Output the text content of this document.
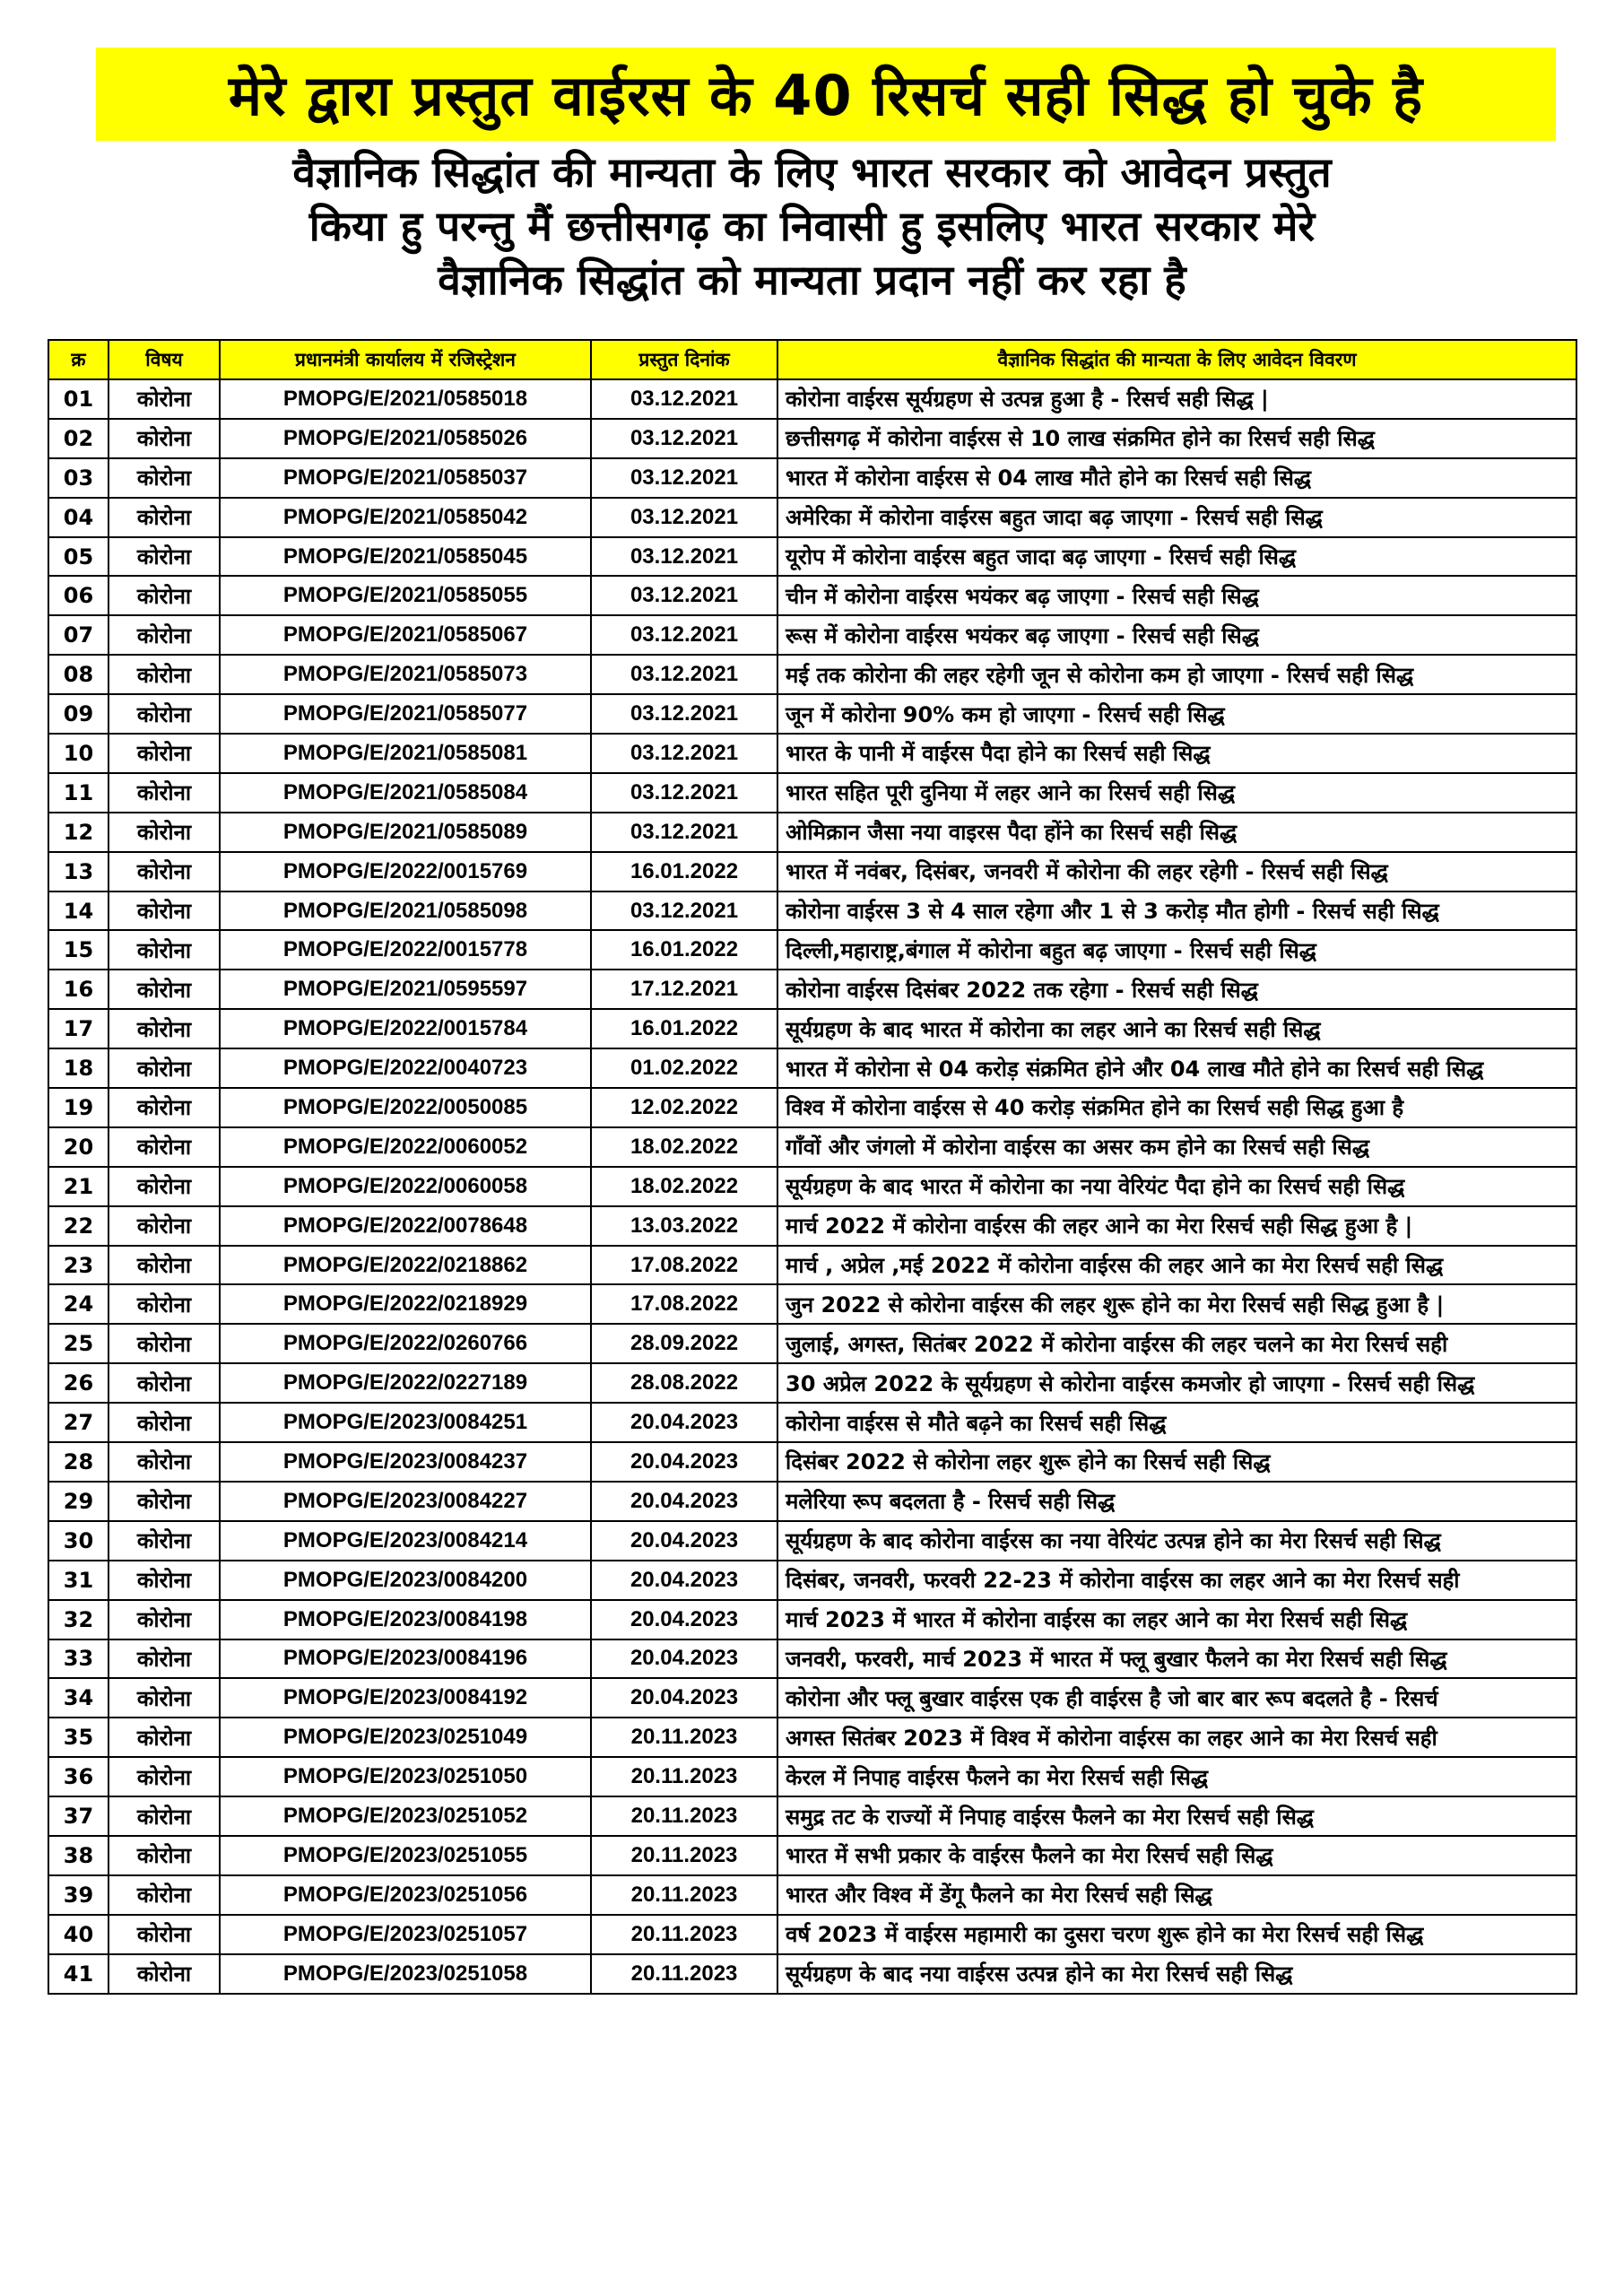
मेरे द्वारा प्रस्तुत वाईरस के 40 रिसर्च सही सिद्ध हो चुके है
वैज्ञानिक सिद्धांत की मान्यता के लिए भारत सरकार को आवेदन प्रस्तुत
किया हु परन्तु मैं छत्तीसगढ़ का निवासी हु इसलिए भारत सरकार मेरे
वैज्ञानिक सिद्धांत को मान्यता प्रदान नहीं कर रहा है
क्र	विषय	प्रधानमंत्री कार्यालय में रजिस्ट्रेशन	प्रस्तुत दिनांक	वैज्ञानिक सिद्धांत की मान्यता के लिए आवेदन विवरण
01	कोरोना	PMOPG/E/2021/0585018	03.12.2021	कोरोना वाईरस सूर्यग्रहण से उत्पन्न हुआ है - रिसर्च सही सिद्ध |
02	कोरोना	PMOPG/E/2021/0585026	03.12.2021	छत्तीसगढ़ में कोरोना वाईरस से 10 लाख संक्रमित होने का रिसर्च सही सिद्ध
03	कोरोना	PMOPG/E/2021/0585037	03.12.2021	भारत में कोरोना वाईरस से 04 लाख मौते होने का रिसर्च सही सिद्ध
04	कोरोना	PMOPG/E/2021/0585042	03.12.2021	अमेरिका में कोरोना वाईरस बहुत जादा बढ़ जाएगा - रिसर्च सही सिद्ध
05	कोरोना	PMOPG/E/2021/0585045	03.12.2021	यूरोप में कोरोना वाईरस बहुत जादा बढ़ जाएगा - रिसर्च सही सिद्ध
06	कोरोना	PMOPG/E/2021/0585055	03.12.2021	चीन में कोरोना वाईरस भयंकर बढ़ जाएगा - रिसर्च सही सिद्ध
07	कोरोना	PMOPG/E/2021/0585067	03.12.2021	रूस में कोरोना वाईरस भयंकर बढ़ जाएगा - रिसर्च सही सिद्ध
08	कोरोना	PMOPG/E/2021/0585073	03.12.2021	मई तक कोरोना की लहर रहेगी जून से कोरोना कम हो जाएगा - रिसर्च सही सिद्ध
09	कोरोना	PMOPG/E/2021/0585077	03.12.2021	जून में कोरोना 90% कम हो जाएगा - रिसर्च सही सिद्ध
10	कोरोना	PMOPG/E/2021/0585081	03.12.2021	भारत के पानी में वाईरस पैदा होने का रिसर्च सही सिद्ध
11	कोरोना	PMOPG/E/2021/0585084	03.12.2021	भारत सहित पूरी दुनिया में लहर आने का रिसर्च सही सिद्ध
12	कोरोना	PMOPG/E/2021/0585089	03.12.2021	ओमिक्रान जैसा नया वाइरस पैदा होंने का रिसर्च सही सिद्ध
13	कोरोना	PMOPG/E/2022/0015769	16.01.2022	भारत में नवंबर, दिसंबर, जनवरी में कोरोना की लहर रहेगी - रिसर्च सही सिद्ध
14	कोरोना	PMOPG/E/2021/0585098	03.12.2021	कोरोना वाईरस 3 से 4 साल रहेगा और 1 से 3 करोड़ मौत होगी - रिसर्च सही सिद्ध
15	कोरोना	PMOPG/E/2022/0015778	16.01.2022	दिल्ली,महाराष्ट्र,बंगाल में कोरोना बहुत बढ़ जाएगा - रिसर्च सही सिद्ध
16	कोरोना	PMOPG/E/2021/0595597	17.12.2021	कोरोना वाईरस दिसंबर 2022 तक रहेगा - रिसर्च सही सिद्ध
17	कोरोना	PMOPG/E/2022/0015784	16.01.2022	सूर्यग्रहण के बाद भारत में कोरोना का लहर आने का रिसर्च सही सिद्ध
18	कोरोना	PMOPG/E/2022/0040723	01.02.2022	भारत में कोरोना से 04 करोड़ संक्रमित होने और 04 लाख मौते होने का रिसर्च सही सिद्ध
19	कोरोना	PMOPG/E/2022/0050085	12.02.2022	विश्व में कोरोना वाईरस से 40 करोड़ संक्रमित होने का रिसर्च सही सिद्ध हुआ है
20	कोरोना	PMOPG/E/2022/0060052	18.02.2022	गाँवों और जंगलो में कोरोना वाईरस का असर कम होने का रिसर्च सही सिद्ध
21	कोरोना	PMOPG/E/2022/0060058	18.02.2022	सूर्यग्रहण के बाद भारत में कोरोना का नया वेरियंट पैदा होने का रिसर्च सही सिद्ध
22	कोरोना	PMOPG/E/2022/0078648	13.03.2022	मार्च 2022 में कोरोना वाईरस की लहर आने का मेरा रिसर्च सही सिद्ध हुआ है |
23	कोरोना	PMOPG/E/2022/0218862	17.08.2022	मार्च , अप्रेल ,मई 2022 में कोरोना वाईरस की लहर आने का मेरा रिसर्च सही सिद्ध
24	कोरोना	PMOPG/E/2022/0218929	17.08.2022	जुन 2022 से कोरोना वाईरस की लहर शुरू होने का मेरा रिसर्च सही सिद्ध हुआ है |
25	कोरोना	PMOPG/E/2022/0260766	28.09.2022	जुलाई, अगस्त, सितंबर 2022 में कोरोना वाईरस की लहर चलने का मेरा रिसर्च सही
26	कोरोना	PMOPG/E/2022/0227189	28.08.2022	30 अप्रेल 2022 के सूर्यग्रहण से कोरोना वाईरस कमजोर हो जाएगा - रिसर्च सही सिद्ध
27	कोरोना	PMOPG/E/2023/0084251	20.04.2023	कोरोना वाईरस से मौते बढ़ने का रिसर्च सही सिद्ध
28	कोरोना	PMOPG/E/2023/0084237	20.04.2023	दिसंबर 2022 से कोरोना लहर शुरू होने का रिसर्च सही सिद्ध
29	कोरोना	PMOPG/E/2023/0084227	20.04.2023	मलेरिया रूप बदलता है - रिसर्च सही सिद्ध
30	कोरोना	PMOPG/E/2023/0084214	20.04.2023	सूर्यग्रहण के बाद कोरोना वाईरस का नया वेरियंट उत्पन्न होने का मेरा रिसर्च सही सिद्ध
31	कोरोना	PMOPG/E/2023/0084200	20.04.2023	दिसंबर, जनवरी, फरवरी 22-23 में कोरोना वाईरस का लहर आने का मेरा रिसर्च सही
32	कोरोना	PMOPG/E/2023/0084198	20.04.2023	मार्च 2023 में भारत में कोरोना वाईरस का लहर आने का मेरा रिसर्च सही सिद्ध
33	कोरोना	PMOPG/E/2023/0084196	20.04.2023	जनवरी, फरवरी, मार्च 2023 में भारत में फ्लू बुखार फैलने का मेरा रिसर्च सही सिद्ध
34	कोरोना	PMOPG/E/2023/0084192	20.04.2023	कोरोना और फ्लू बुखार वाईरस एक ही वाईरस है जो बार बार रूप बदलते है - रिसर्च
35	कोरोना	PMOPG/E/2023/0251049	20.11.2023	अगस्त सितंबर 2023 में विश्व में कोरोना वाईरस का लहर आने का मेरा रिसर्च सही
36	कोरोना	PMOPG/E/2023/0251050	20.11.2023	केरल में निपाह वाईरस फैलने का मेरा रिसर्च सही सिद्ध
37	कोरोना	PMOPG/E/2023/0251052	20.11.2023	समुद्र तट के राज्यों में निपाह वाईरस फैलने का मेरा रिसर्च सही सिद्ध
38	कोरोना	PMOPG/E/2023/0251055	20.11.2023	भारत में सभी प्रकार के वाईरस फैलने का मेरा रिसर्च सही सिद्ध
39	कोरोना	PMOPG/E/2023/0251056	20.11.2023	भारत और विश्व में डेंगू फैलने का मेरा रिसर्च सही सिद्ध
40	कोरोना	PMOPG/E/2023/0251057	20.11.2023	वर्ष 2023 में वाईरस महामारी का दुसरा चरण शुरू होने का मेरा रिसर्च सही सिद्ध
41	कोरोना	PMOPG/E/2023/0251058	20.11.2023	सूर्यग्रहण के बाद नया वाईरस उत्पन्न होने का मेरा रिसर्च सही सिद्ध
